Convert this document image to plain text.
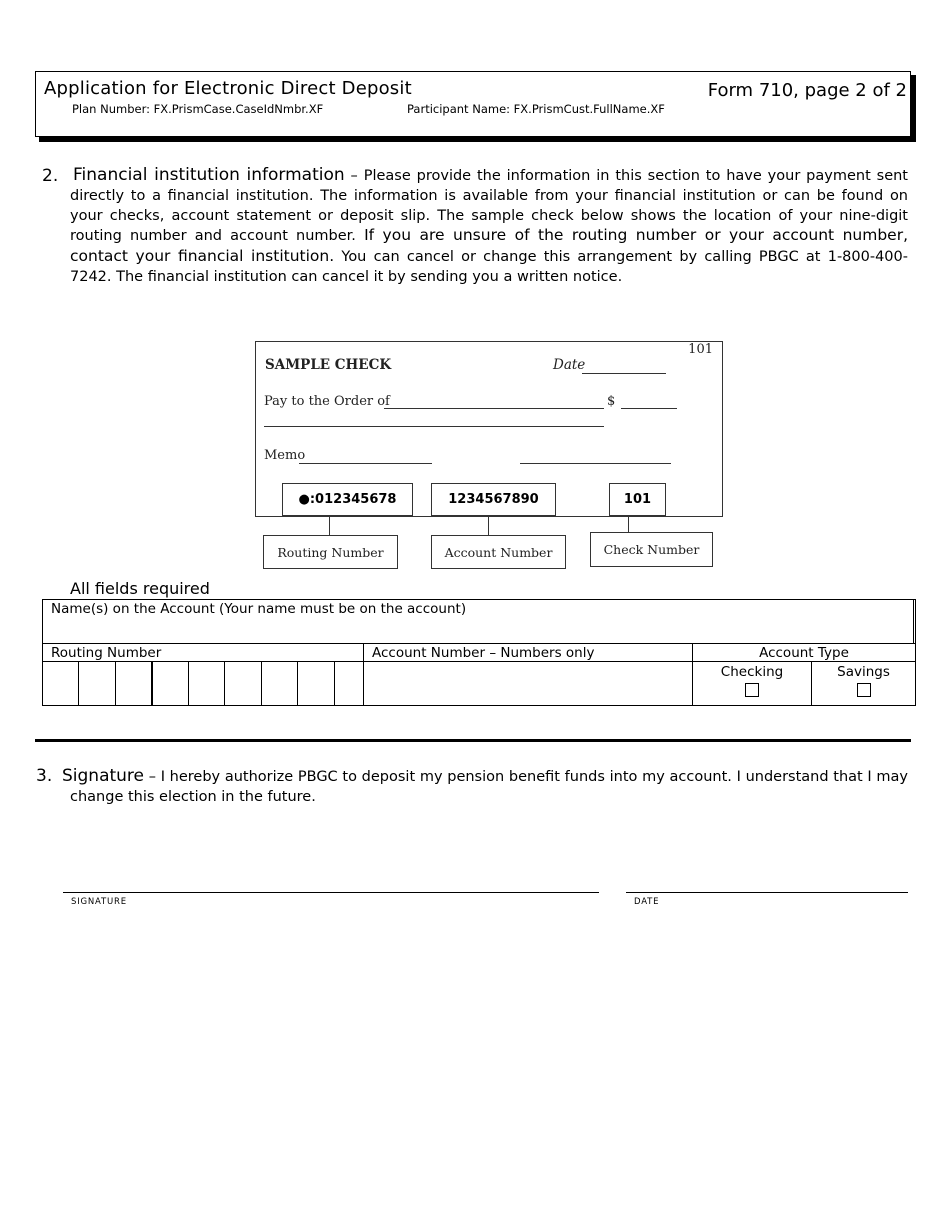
Application for Electronic Direct Deposit	Form 710, page 2 of 2
Plan Number: FX.PrismCase.CaseIdNmbr.XF	Participant Name: FX.PrismCust.FullName.XF
2. Financial institution information – Please provide the information in this section to have your payment sent directly to a financial institution. The information is available from your financial institution or can be found on your checks, account statement or deposit slip. The sample check below shows the location of your nine-digit routing number and account number. If you are unsure of the routing number or your account number, contact your financial institution. You can cancel or change this arrangement by calling PBGC at 1-800-400-7242. The financial institution can cancel it by sending you a written notice.
101
SAMPLE CHECK	Date
Pay to the Order of	$
Memo
●:012345678	1234567890	101
Routing Number	Account Number	Check Number
All fields required
Name(s) on the Account (Your name must be on the account)
Routing Number	Account Number – Numbers only	Account Type
Checking	Savings
3. Signature – I hereby authorize PBGC to deposit my pension benefit funds into my account. I understand that I may change this election in the future.
SIGNATURE	DATE
